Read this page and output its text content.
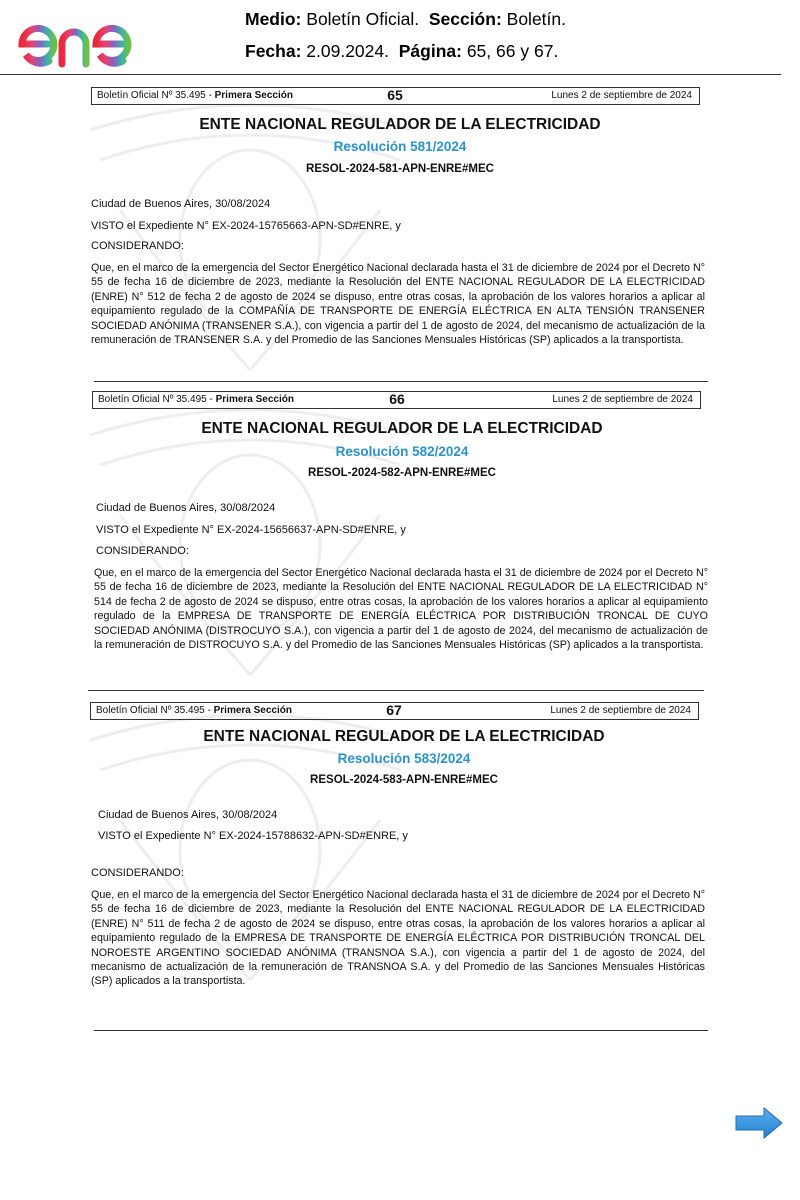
Medio: Boletín Oficial. Sección: Boletín.
Fecha: 2.09.2024. Página: 65, 66 y 67.
Boletín Oficial Nº 35.495 - Primera Sección	65	Lunes 2 de septiembre de 2024
ENTE NACIONAL REGULADOR DE LA ELECTRICIDAD
Resolución 581/2024
RESOL-2024-581-APN-ENRE#MEC
Ciudad de Buenos Aires, 30/08/2024
VISTO el Expediente N° EX-2024-15765663-APN-SD#ENRE, y
CONSIDERANDO:
Que, en el marco de la emergencia del Sector Energético Nacional declarada hasta el 31 de diciembre de 2024 por el Decreto N° 55 de fecha 16 de diciembre de 2023, mediante la Resolución del ENTE NACIONAL REGULADOR DE LA ELECTRICIDAD (ENRE) N° 512 de fecha 2 de agosto de 2024 se dispuso, entre otras cosas, la aprobación de los valores horarios a aplicar al equipamiento regulado de la COMPAÑÍA DE TRANSPORTE DE ENERGÍA ELÉCTRICA EN ALTA TENSIÓN TRANSENER SOCIEDAD ANÓNIMA (TRANSENER S.A.), con vigencia a partir del 1 de agosto de 2024, del mecanismo de actualización de la remuneración de TRANSENER S.A. y del Promedio de las Sanciones Mensuales Históricas (SP) aplicados a la transportista.
Boletín Oficial Nº 35.495 - Primera Sección	66	Lunes 2 de septiembre de 2024
ENTE NACIONAL REGULADOR DE LA ELECTRICIDAD
Resolución 582/2024
RESOL-2024-582-APN-ENRE#MEC
Ciudad de Buenos Aires, 30/08/2024
VISTO el Expediente N° EX-2024-15656637-APN-SD#ENRE, y
CONSIDERANDO:
Que, en el marco de la emergencia del Sector Energético Nacional declarada hasta el 31 de diciembre de 2024 por el Decreto N° 55 de fecha 16 de diciembre de 2023, mediante la Resolución del ENTE NACIONAL REGULADOR DE LA ELECTRICIDAD N° 514 de fecha 2 de agosto de 2024 se dispuso, entre otras cosas, la aprobación de los valores horarios a aplicar al equipamiento regulado de la EMPRESA DE TRANSPORTE DE ENERGÍA ELÉCTRICA POR DISTRIBUCIÓN TRONCAL DE CUYO SOCIEDAD ANÓNIMA (DISTROCUYO S.A.), con vigencia a partir del 1 de agosto de 2024, del mecanismo de actualización de la remuneración de DISTROCUYO S.A. y del Promedio de las Sanciones Mensuales Históricas (SP) aplicados a la transportista.
Boletín Oficial Nº 35.495 - Primera Sección	67	Lunes 2 de septiembre de 2024
ENTE NACIONAL REGULADOR DE LA ELECTRICIDAD
Resolución 583/2024
RESOL-2024-583-APN-ENRE#MEC
Ciudad de Buenos Aires, 30/08/2024
VISTO el Expediente N° EX-2024-15788632-APN-SD#ENRE, y
CONSIDERANDO:
Que, en el marco de la emergencia del Sector Energético Nacional declarada hasta el 31 de diciembre de 2024 por el Decreto N° 55 de fecha 16 de diciembre de 2023, mediante la Resolución del ENTE NACIONAL REGULADOR DE LA ELECTRICIDAD (ENRE) N° 511 de fecha 2 de agosto de 2024 se dispuso, entre otras cosas, la aprobación de los valores horarios a aplicar al equipamiento regulado de la EMPRESA DE TRANSPORTE DE ENERGÍA ELÉCTRICA POR DISTRIBUCIÓN TRONCAL DEL NOROESTE ARGENTINO SOCIEDAD ANÓNIMA (TRANSNOA S.A.), con vigencia a partir del 1 de agosto de 2024, del mecanismo de actualización de la remuneración de TRANSNOA S.A. y del Promedio de las Sanciones Mensuales Históricas (SP) aplicados a la transportista.
